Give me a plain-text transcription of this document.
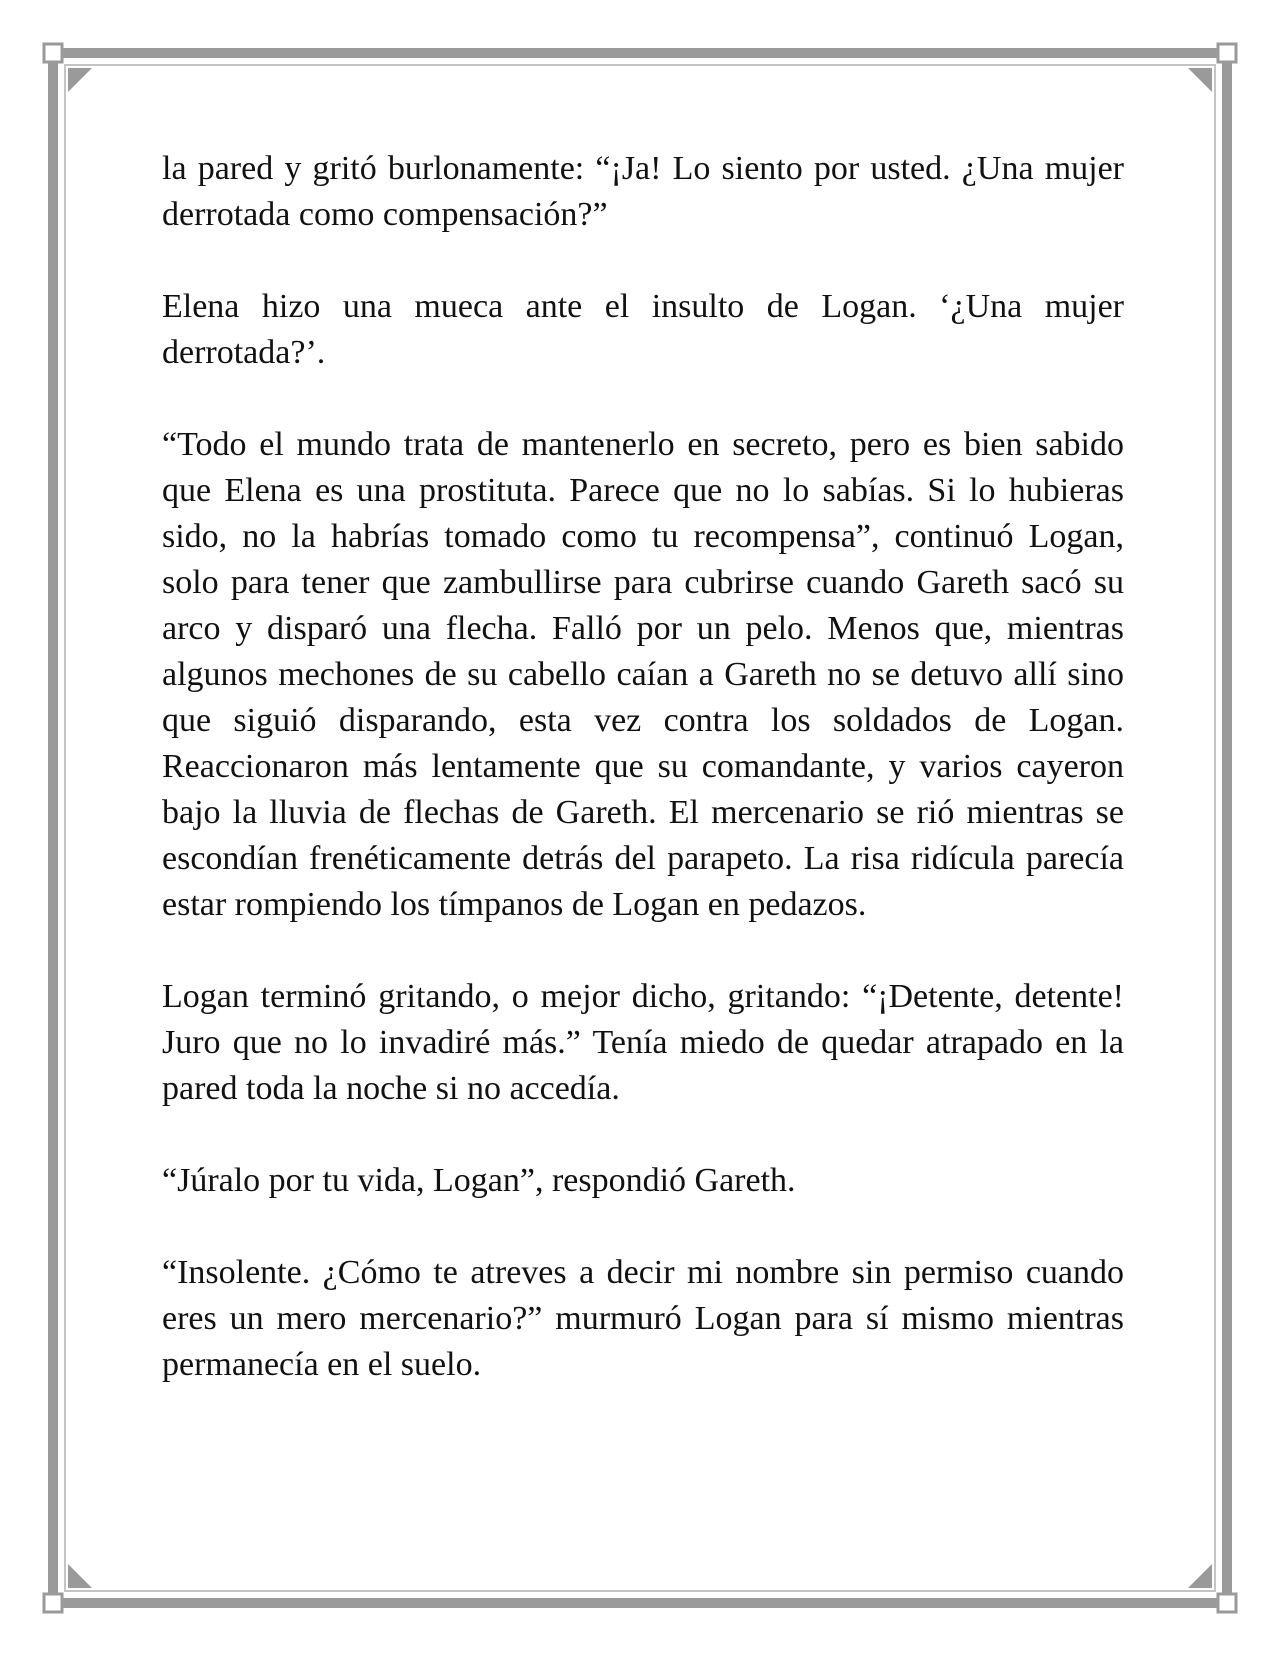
la pared y gritó burlonamente: “¡Ja! Lo siento por usted. ¿Una mujer derrotada como compensación?”

Elena hizo una mueca ante el insulto de Logan. ‘¿Una mujer derrotada?’.

“Todo el mundo trata de mantenerlo en secreto, pero es bien sabido que Elena es una prostituta. Parece que no lo sabías. Si lo hubieras sido, no la habrías tomado como tu recompensa”, continuó Logan, solo para tener que zambullirse para cubrirse cuando Gareth sacó su arco y disparó una flecha. Falló por un pelo. Menos que, mientras algunos mechones de su cabello caían a Gareth no se detuvo allí sino que siguió disparando, esta vez contra los soldados de Logan. Reaccionaron más lentamente que su comandante, y varios cayeron bajo la lluvia de flechas de Gareth. El mercenario se rió mientras se escondían frenéticamente detrás del parapeto. La risa ridícula parecía estar rompiendo los tímpanos de Logan en pedazos.

Logan terminó gritando, o mejor dicho, gritando: “¡Detente, detente! Juro que no lo invadiré más.” Tenía miedo de quedar atrapado en la pared toda la noche si no accedía.

“Júralo por tu vida, Logan”, respondió Gareth.

“Insolente. ¿Cómo te atreves a decir mi nombre sin permiso cuando eres un mero mercenario?” murmuró Logan para sí mismo mientras permanecía en el suelo.
